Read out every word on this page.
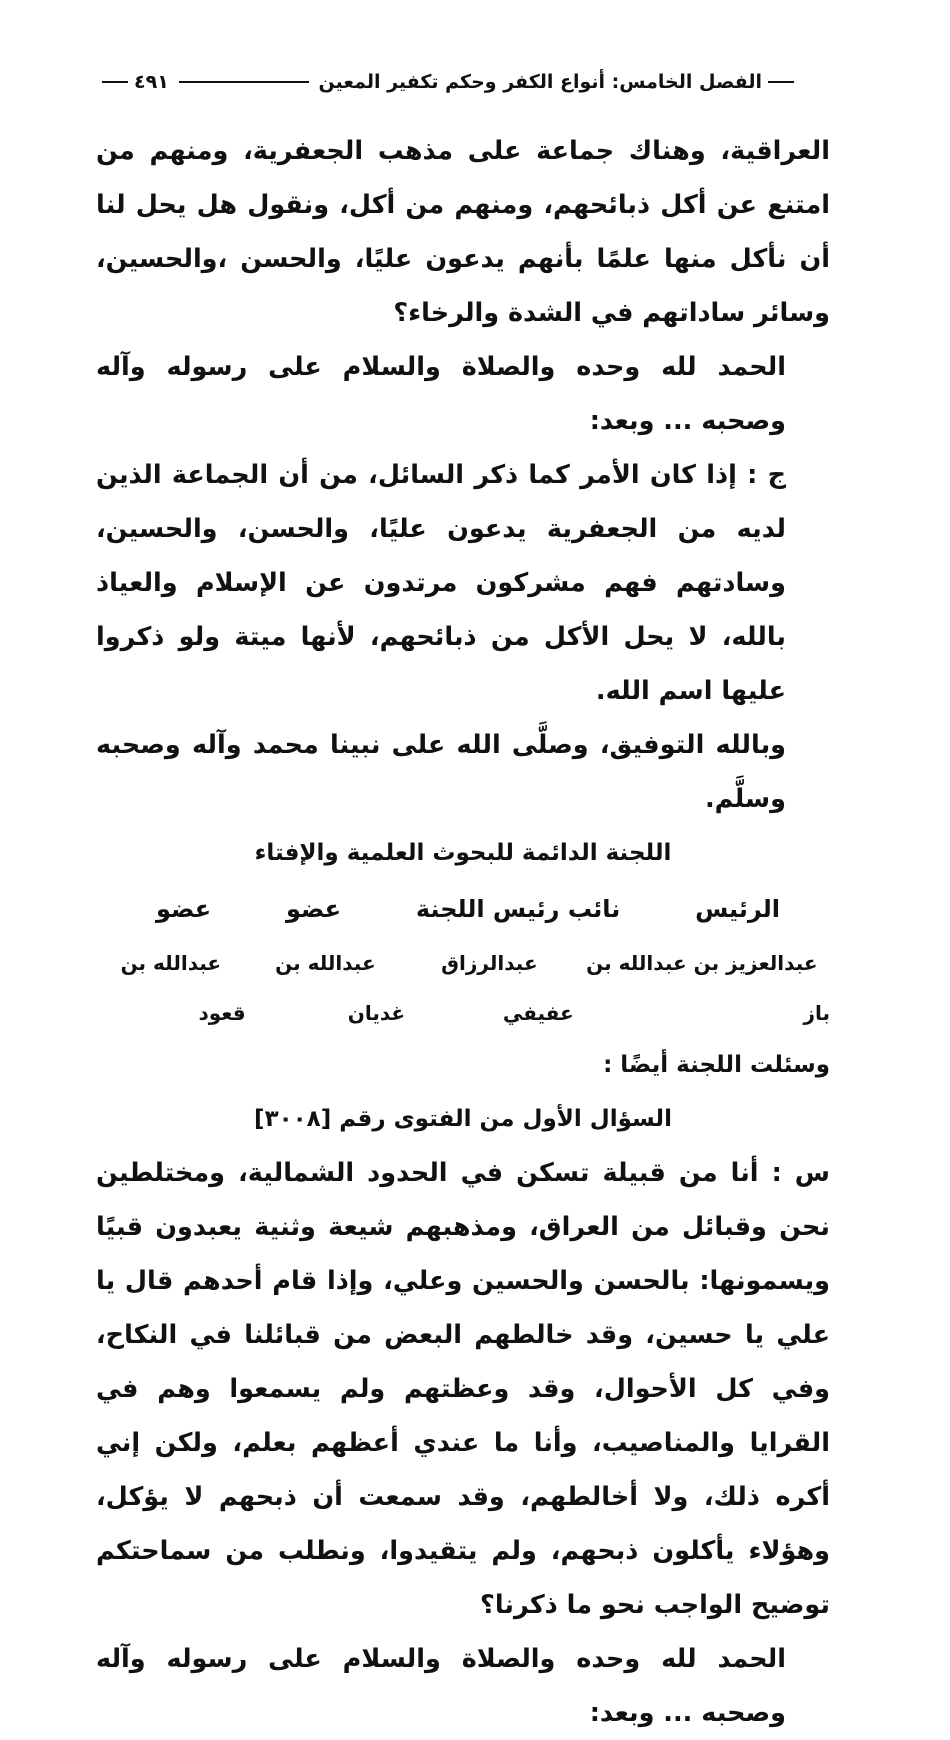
الفصل الخامس: أنواع الكفر وحكم تكفير المعين
٤٩١

العراقية، وهناك جماعة على مذهب الجعفرية، ومنهم من امتنع عن أكل ذبائحهم، ومنهم من أكل، ونقول هل يحل لنا أن نأكل منها علمًا بأنهم يدعون عليًا، والحسن ،والحسين، وسائر ساداتهم في الشدة والرخاء؟

الحمد لله وحده والصلاة والسلام على رسوله وآله وصحبه ... وبعد:

ج : إذا كان الأمر كما ذكر السائل، من أن الجماعة الذين لديه من الجعفرية يدعون عليًا، والحسن، والحسين، وسادتهم فهم مشركون مرتدون عن الإسلام والعياذ بالله، لا يحل الأكل من ذبائحهم، لأنها ميتة ولو ذكروا عليها اسم الله.

وبالله التوفيق، وصلَّى الله على نبينا محمد وآله وصحبه وسلَّم.

اللجنة الدائمة للبحوث العلمية والإفتاء

الرئيس
نائب رئيس اللجنة
عضو
عضو
عبدالعزيز بن عبدالله بن باز
عبدالرزاق عفيفي
عبدالله بن غديان
عبدالله بن قعود

وسئلت اللجنة أيضًا :

السؤال الأول من الفتوى رقم [٣٠٠٨]

س : أنا من قبيلة تسكن في الحدود الشمالية، ومختلطين نحن وقبائل من العراق، ومذهبهم شيعة وثنية يعبدون قبيًا ويسمونها: بالحسن والحسين وعلي، وإذا قام أحدهم قال يا علي يا حسين، وقد خالطهم البعض من قبائلنا في النكاح، وفي كل الأحوال، وقد وعظتهم ولم يسمعوا وهم في القرايا والمناصيب، وأنا ما عندي أعظهم بعلم، ولكن إني أكره ذلك، ولا أخالطهم، وقد سمعت أن ذبحهم لا يؤكل، وهؤلاء يأكلون ذبحهم، ولم يتقيدوا، ونطلب من سماحتكم توضيح الواجب نحو ما ذكرنا؟

الحمد لله وحده والصلاة والسلام على رسوله وآله وصحبه ... وبعد:
